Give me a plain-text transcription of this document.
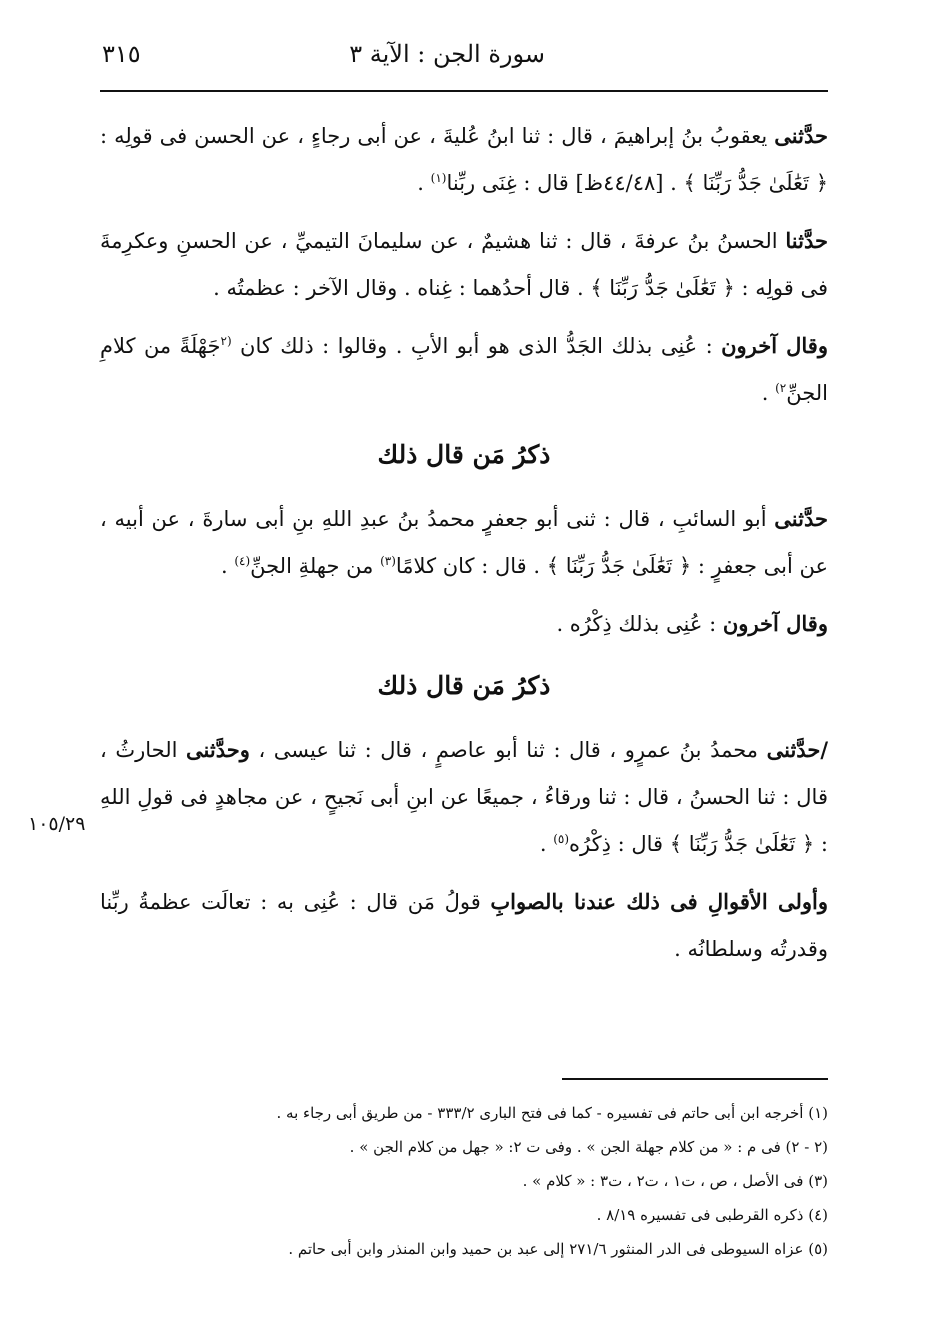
سورة الجن : الآية ٣
٣١٥
١٠٥/٢٩

حدَّثنى يعقوبُ بنُ إبراهيمَ ، قال : ثنا ابنُ عُليةَ ، عن أبى رجاءٍ ، عن الحسن فى قولِه : ﴿ تَعَٰلَىٰ جَدُّ رَبِّنَا ﴾ . [٤٤/٤٨ظ] قال : غِنَى ربِّنا$^{(١)}$ .

حدَّثنا الحسنُ بنُ عرفةَ ، قال : ثنا هشيمٌ ، عن سليمانَ التيميِّ ، عن الحسنِ وعكرِمةَ فى قولِه : ﴿ تَعَٰلَىٰ جَدُّ رَبِّنَا ﴾ . قال أحدُهما : غِناه . وقال الآخر : عظمتُه .

وقال آخرون : عُنِى بذلك الجَدُّ الذى هو أبو الأبِ . وقالوا : ذلك كان $^{(٢}$جَهْلَةً من كلامِ الجنِّ$^{٢)}$ .

ذكرُ مَن قال ذلك

حدَّثنى أبو السائبِ ، قال : ثنى أبو جعفرٍ محمدُ بنُ عبدِ اللهِ بنِ أبى سارةَ ، عن أبيه ، عن أبى جعفرٍ : ﴿ تَعَٰلَىٰ جَدُّ رَبِّنَا ﴾ . قال : كان كلامًا$^{(٣)}$ من جهلةِ الجنِّ$^{(٤)}$ .

وقال آخرون : عُنِى بذلك ذِكْرُه .

ذكرُ مَن قال ذلك

/حدَّثنى محمدُ بنُ عمرٍو ، قال : ثنا أبو عاصمٍ ، قال : ثنا عيسى ، وحدَّثنى الحارثُ ، قال : ثنا الحسنُ ، قال : ثنا ورقاءُ ، جميعًا عن ابنِ أبى نَجيحٍ ، عن مجاهدٍ فى قولِ اللهِ : ﴿ تَعَٰلَىٰ جَدُّ رَبِّنَا ﴾ قال : ذِكْرُه$^{(٥)}$ .

وأولى الأقوالِ فى ذلك عندنا بالصوابِ قولُ مَن قال : عُنِى به : تعالَت عظمةُ ربِّنا وقدرتُه وسلطانُه .

(١) أخرجه ابن أبى حاتم فى تفسيره - كما فى فتح البارى ٣٣٣/٢ - من طريق أبى رجاء به .
(٢ - ٢) فى م : « من كلام جهلة الجن » . وفى ت ٢: « جهل من كلام الجن » .
(٣) فى الأصل ، ص ، ت١ ، ت٢ ، ت٣ : « كلام » .
(٤) ذكره القرطبى فى تفسيره ٨/١٩ .
(٥) عزاه السيوطى فى الدر المنثور ٢٧١/٦ إلى عبد بن حميد وابن المنذر وابن أبى حاتم .
